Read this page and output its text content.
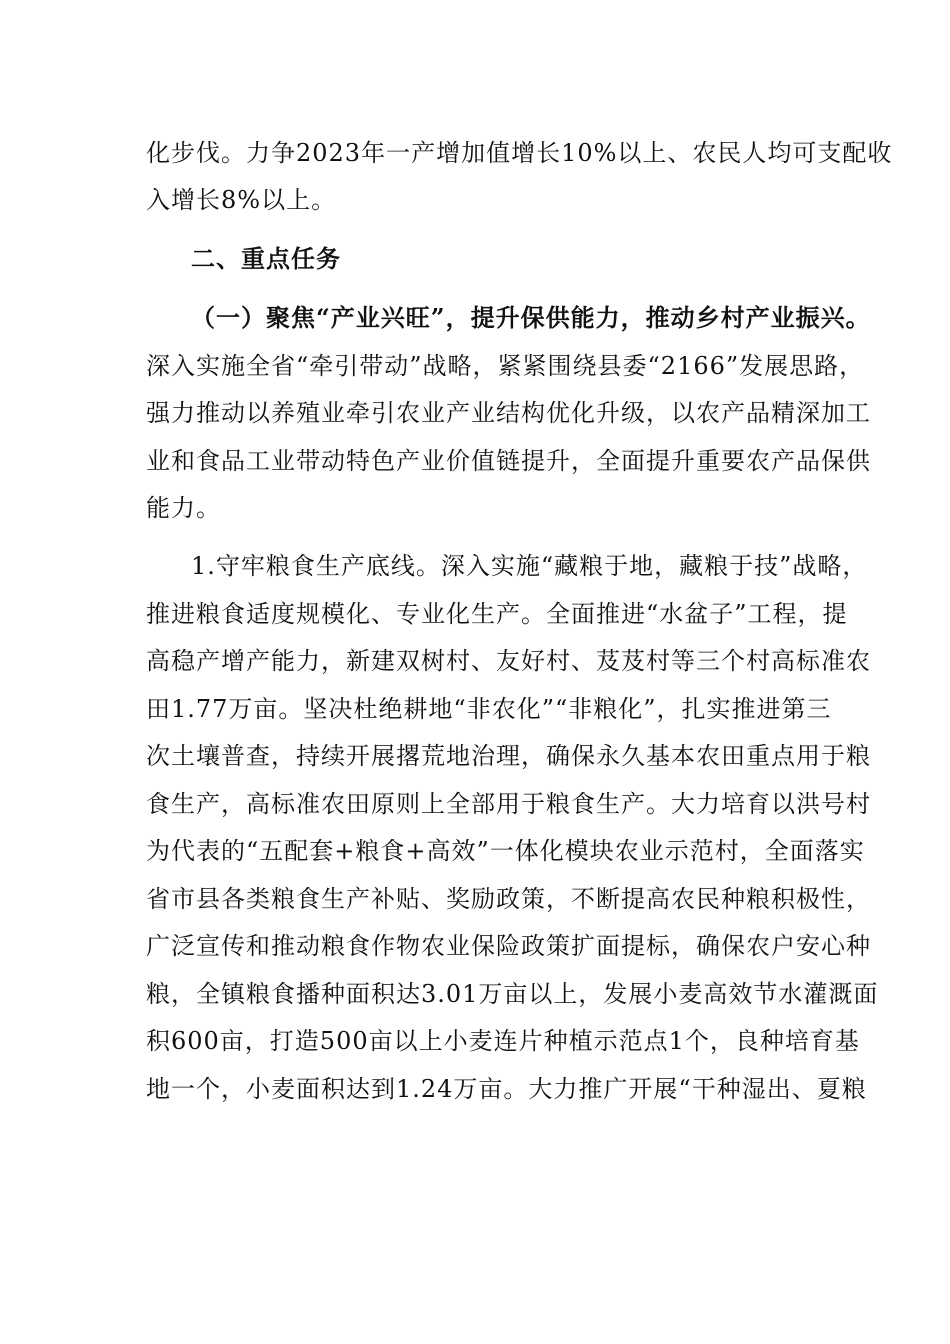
化步伐。力争2023年一产增加值增长10%以上、农民人均可支配收
入增长8%以上。
二、重点任务
（一）聚焦“产业兴旺”，提升保供能力，推动乡村产业振兴。
深入实施全省“牵引带动”战略，紧紧围绕县委“2166”发展思路，
强力推动以养殖业牵引农业产业结构优化升级，以农产品精深加工
业和食品工业带动特色产业价值链提升，全面提升重要农产品保供
能力。
1.守牢粮食生产底线。深入实施“藏粮于地，藏粮于技”战略，
推进粮食适度规模化、专业化生产。全面推进“水盆子”工程，提
高稳产增产能力，新建双树村、友好村、芨芨村等三个村高标准农
田1.77万亩。坚决杜绝耕地“非农化”“非粮化”，扎实推进第三
次土壤普查，持续开展撂荒地治理，确保永久基本农田重点用于粮
食生产，高标准农田原则上全部用于粮食生产。大力培育以洪号村
为代表的“五配套+粮食+高效”一体化模块农业示范村，全面落实
省市县各类粮食生产补贴、奖励政策，不断提高农民种粮积极性，
广泛宣传和推动粮食作物农业保险政策扩面提标，确保农户安心种
粮，全镇粮食播种面积达3.01万亩以上，发展小麦高效节水灌溉面
积600亩，打造500亩以上小麦连片种植示范点1个，良种培育基
地一个，小麦面积达到1.24万亩。大力推广开展“干种湿出、夏粮
